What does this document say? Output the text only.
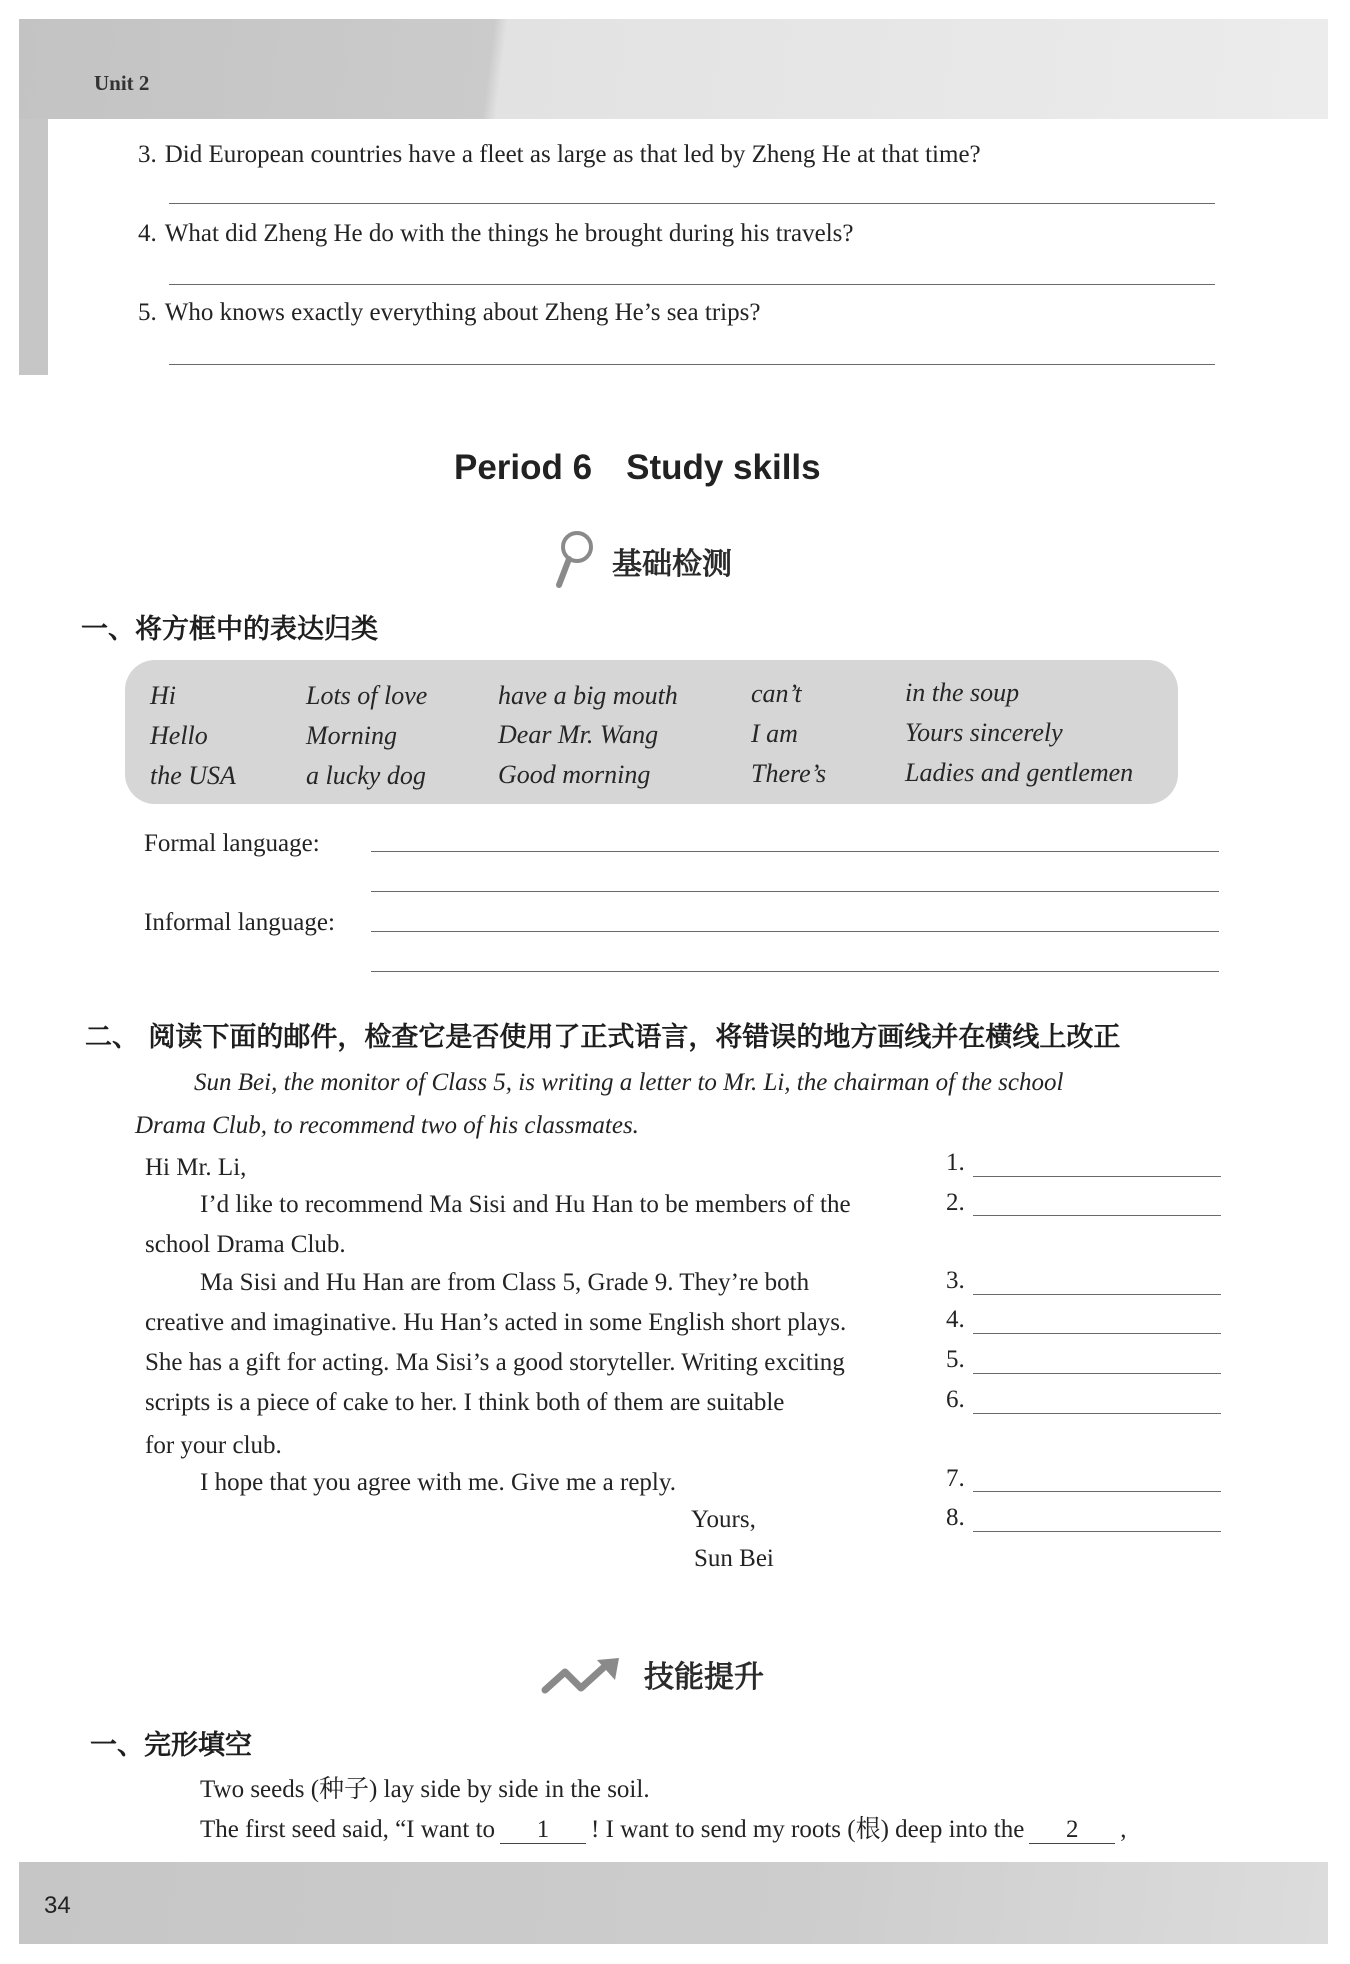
Unit 2
3. Did European countries have a fleet as large as that led by Zheng He at that time?
4. What did Zheng He do with the things he brought during his travels?
5. Who knows exactly everything about Zheng He’s sea trips?
Period 6 Study skills
基础检测
一、将方框中的表达归类
Hi	Lots of love	have a big mouth	can’t	in the soup
Hello	Morning	Dear Mr. Wang	I am	Yours sincerely
the USA	a lucky dog	Good morning	There’s	Ladies and gentlemen
Formal language:
Informal language:
二、 阅读下面的邮件，检查它是否使用了正式语言，将错误的地方画线并在横线上改正
Sun Bei, the monitor of Class 5, is writing a letter to Mr. Li, the chairman of the school
Drama Club, to recommend two of his classmates.
Hi Mr. Li,
I’d like to recommend Ma Sisi and Hu Han to be members of the
school Drama Club.
Ma Sisi and Hu Han are from Class 5, Grade 9. They’re both
creative and imaginative. Hu Han’s acted in some English short plays.
She has a gift for acting. Ma Sisi’s a good storyteller. Writing exciting
scripts is a piece of cake to her. I think both of them are suitable
for your club.
I hope that you agree with me. Give me a reply.
Yours,
Sun Bei
1.
2.
3.
4.
5.
6.
7.
8.
技能提升
一、完形填空
Two seeds (种子) lay side by side in the soil.
The first seed said, “I want to 1 ! I want to send my roots (根) deep into the 2 ,
34
